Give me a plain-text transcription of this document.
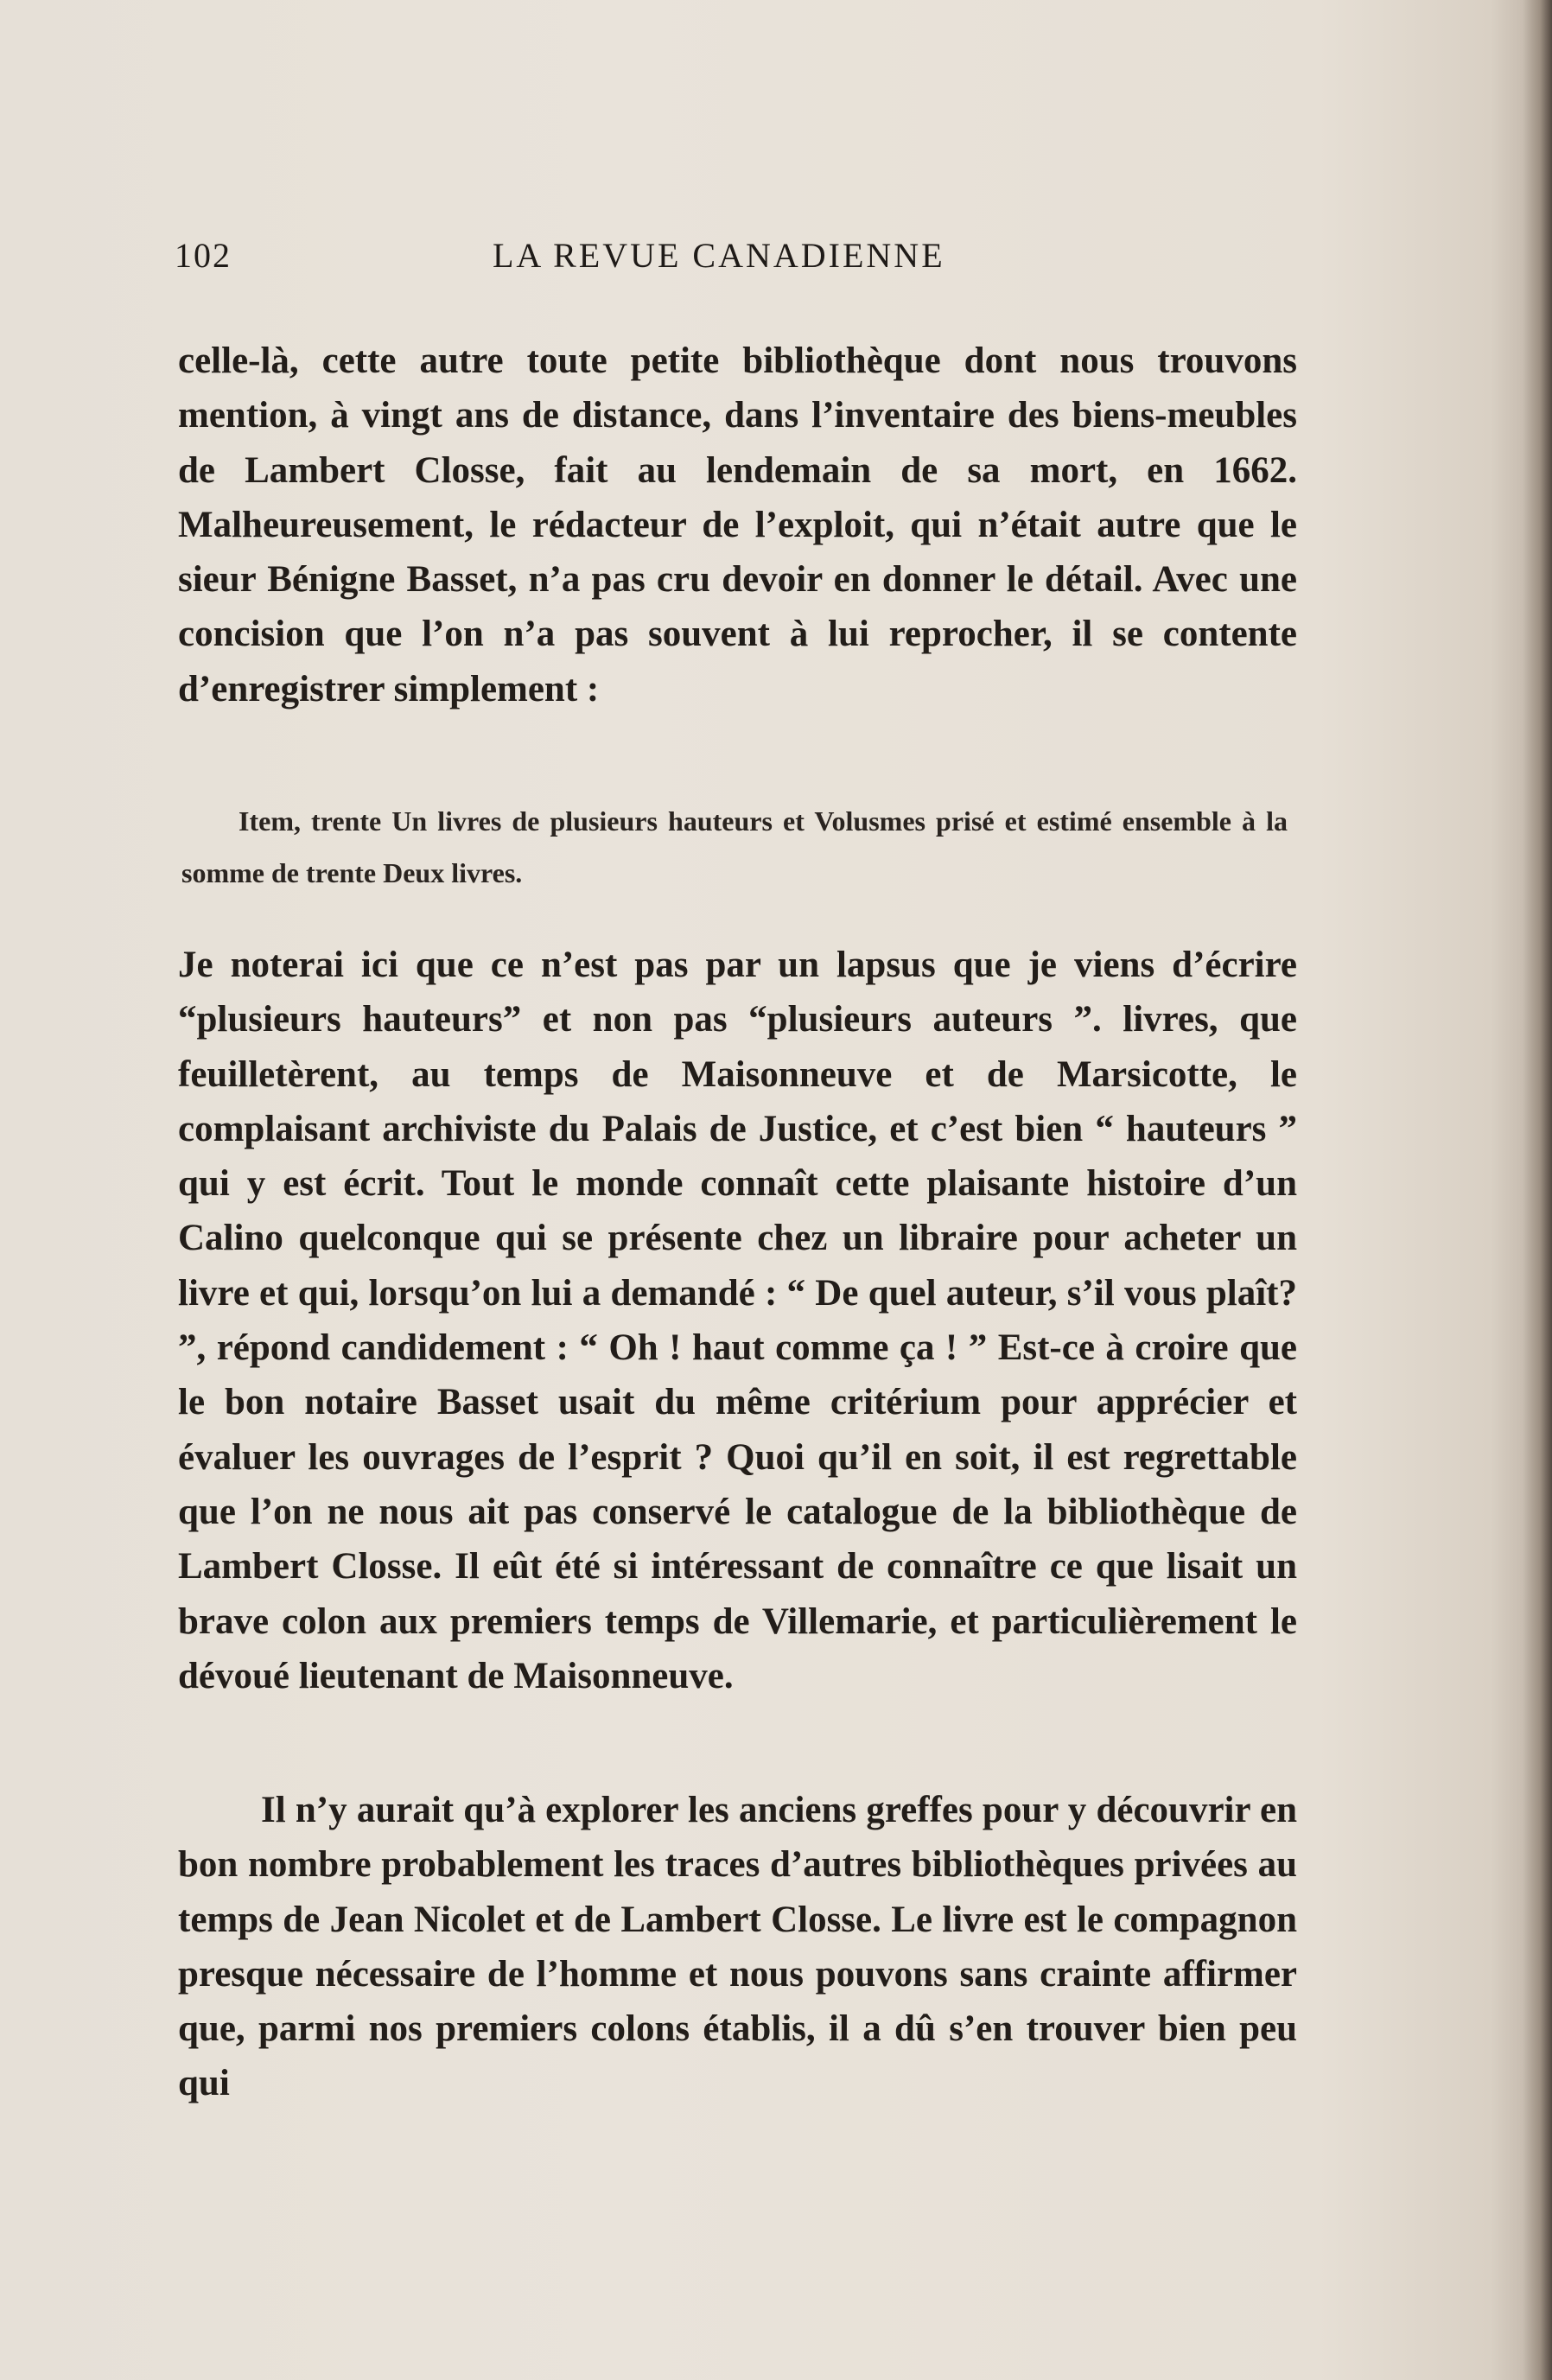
102	LA REVUE CANADIENNE

celle-là, cette autre toute petite bibliothèque dont nous trouvons mention, à vingt ans de distance, dans l’inventaire des biens-meubles de Lambert Closse, fait au lendemain de sa mort, en 1662. Malheureusement, le rédacteur de l’exploit, qui n’était autre que le sieur Bénigne Basset, n’a pas cru devoir en donner le détail. Avec une concision que l’on n’a pas souvent à lui reprocher, il se contente d’enregistrer simplement :

Item, trente Un livres de plusieurs hauteurs et Volusmes prisé et estimé ensemble à la somme de trente Deux livres.

Je noterai ici que ce n’est pas par un lapsus que je viens d’écrire “plusieurs hauteurs” et non pas “plusieurs auteurs ”. livres, que feuilletèrent, au temps de Maisonneuve et de Marsicotte, le complaisant archiviste du Palais de Justice, et c’est bien “ hauteurs ” qui y est écrit. Tout le monde connaît cette plaisante histoire d’un Calino quelconque qui se présente chez un libraire pour acheter un livre et qui, lorsqu’on lui a demandé : “ De quel auteur, s’il vous plaît? ”, répond candidement : “ Oh ! haut comme ça ! ” Est-ce à croire que le bon notaire Basset usait du même critérium pour apprécier et évaluer les ouvrages de l’esprit ? Quoi qu’il en soit, il est regrettable que l’on ne nous ait pas conservé le catalogue de la bibliothèque de Lambert Closse. Il eût été si intéressant de connaître ce que lisait un brave colon aux premiers temps de Villemarie, et particulièrement le dévoué lieutenant de Maisonneuve.

Il n’y aurait qu’à explorer les anciens greffes pour y découvrir en bon nombre probablement les traces d’autres bibliothèques privées au temps de Jean Nicolet et de Lambert Closse. Le livre est le compagnon presque nécessaire de l’homme et nous pouvons sans crainte affirmer que, parmi nos premiers colons établis, il a dû s’en trouver bien peu qui
